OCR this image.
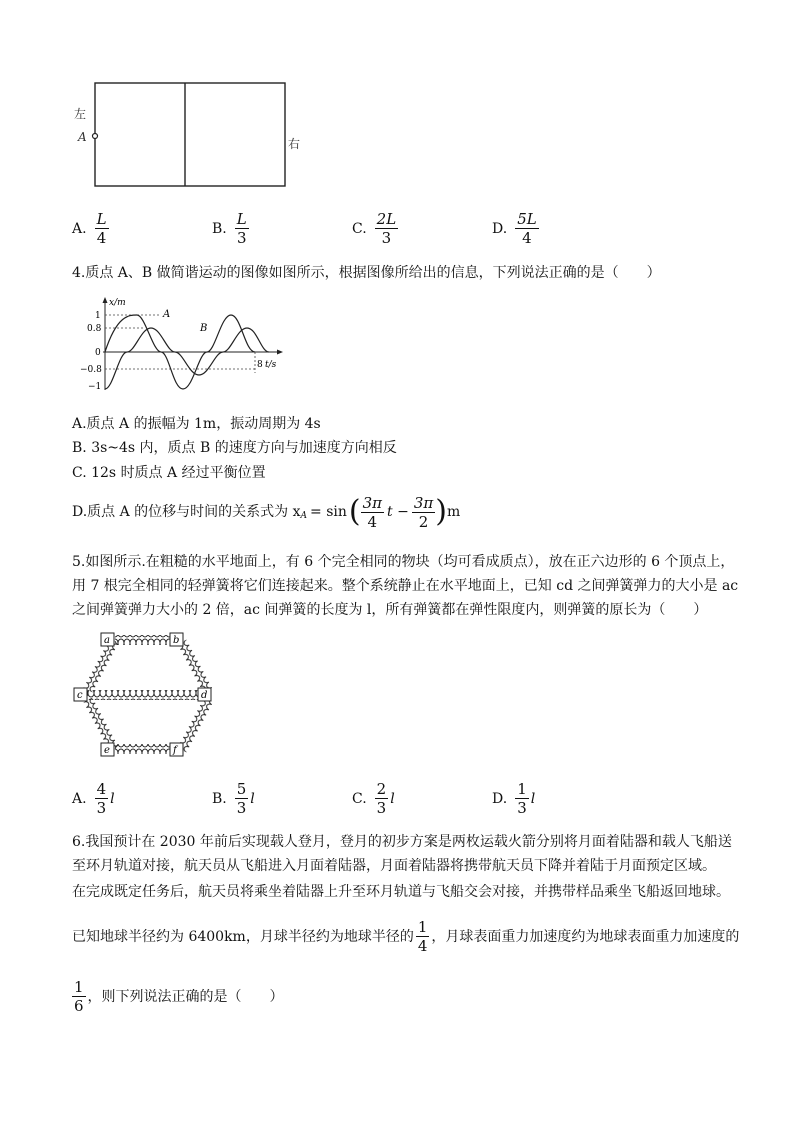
左
A	右
A. $\frac{L}{4}$	B. $\frac{L}{3}$	C. $\frac{2L}{3}$	D. $\frac{5L}{4}$
4.质点 A、B 做简谐运动的图像如图所示，根据图像所给出的信息，下列说法正确的是（　　）
x/m
t/s
1
0.8
0
−0.8
−1
8
A
B
A.质点 A 的振幅为 1m，振动周期为 4s
B. 3s~4s 内，质点 B 的速度方向与加速度方向相反
C. 12s 时质点 A 经过平衡位置
D.质点 A 的位移与时间的关系式为 $x_A = \sin$ ( $\frac{3\pi}{4}$ $t - \frac{3\pi}{2}$ ) m
5.如图所示.在粗糙的水平地面上，有 6 个完全相同的物块（均可看成质点），放在正六边形的 6 个顶点上，
用 7 根完全相同的轻弹簧将它们连接起来。整个系统静止在水平地面上，已知 cd 之间弹簧弹力的大小是 ac
之间弹簧弹力大小的 2 倍，ac 间弹簧的长度为 l，所有弹簧都在弹性限度内，则弹簧的原长为（　　）
a	b
c	d
e	f
A. $\frac{4}{3}$ l	B. $\frac{5}{3}$ l	C. $\frac{2}{3}$ l	D. $\frac{1}{3}$ l
6.我国预计在 2030 年前后实现载人登月，登月的初步方案是两枚运载火箭分别将月面着陆器和载人飞船送
至环月轨道对接，航天员从飞船进入月面着陆器，月面着陆器将携带航天员下降并着陆于月面预定区域。
在完成既定任务后，航天员将乘坐着陆器上升至环月轨道与飞船交会对接，并携带样品乘坐飞船返回地球。
已知地球半径约为 6400km，月球半径约为地球半径的 $\frac{1}{4}$ ，月球表面重力加速度约为地球表面重力加速度的
$\frac{1}{6}$ ，则下列说法正确的是（　　）
